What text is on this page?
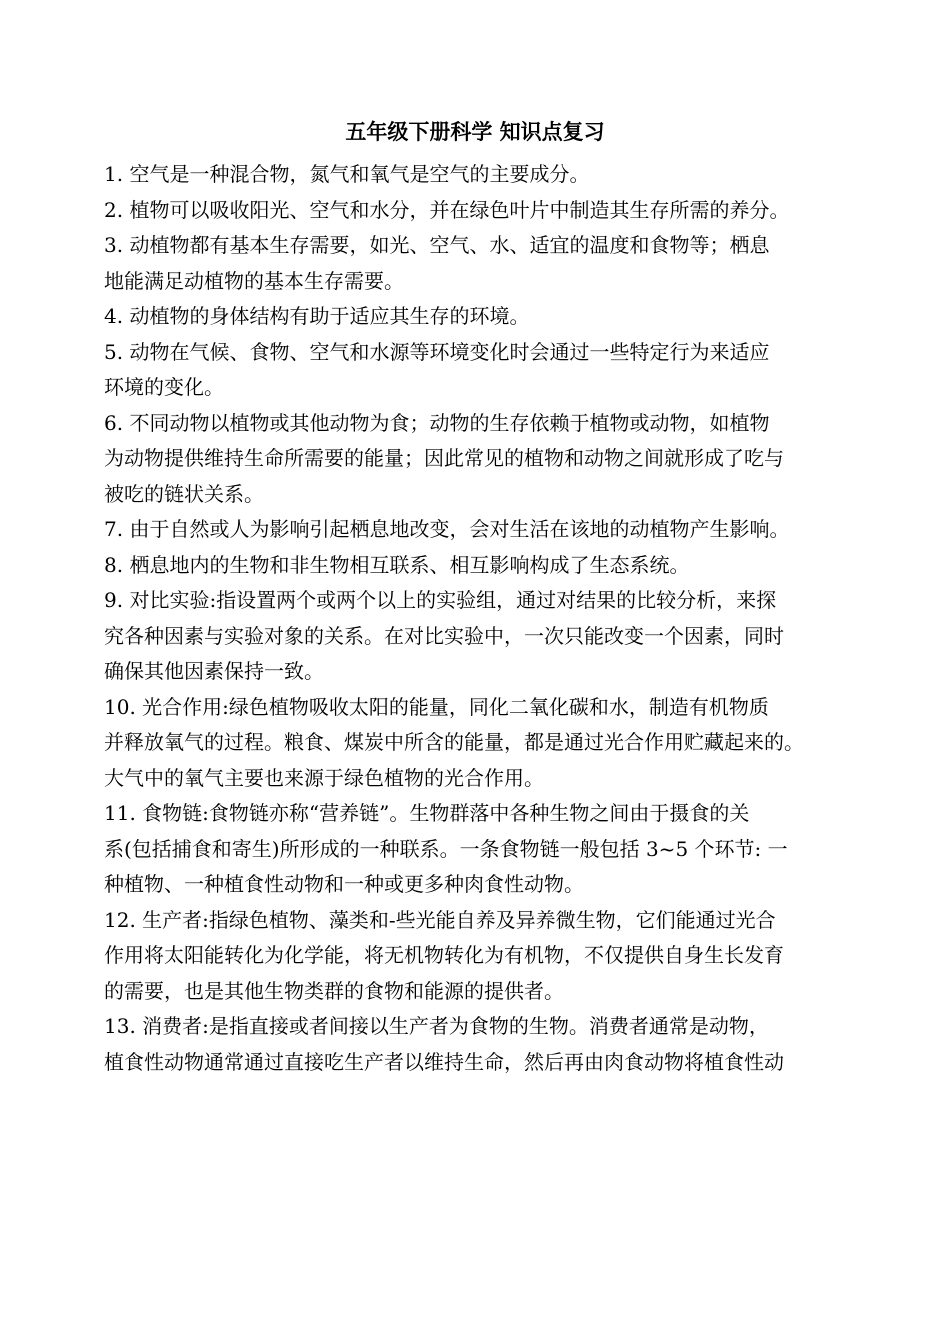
五年级下册科学 知识点复习
1. 空气是一种混合物，氮气和氧气是空气的主要成分。
2. 植物可以吸收阳光、空气和水分，并在绿色叶片中制造其生存所需的养分。
3. 动植物都有基本生存需要，如光、空气、水、适宜的温度和食物等；栖息
地能满足动植物的基本生存需要。
4. 动植物的身体结构有助于适应其生存的环境。
5. 动物在气候、食物、空气和水源等环境变化时会通过一些特定行为来适应
环境的变化。
6. 不同动物以植物或其他动物为食；动物的生存依赖于植物或动物，如植物
为动物提供维持生命所需要的能量；因此常见的植物和动物之间就形成了吃与
被吃的链状关系。
7. 由于自然或人为影响引起栖息地改变，会对生活在该地的动植物产生影响。
8. 栖息地内的生物和非生物相互联系、相互影响构成了生态系统。
9. 对比实验:指设置两个或两个以上的实验组，通过对结果的比较分析，来探
究各种因素与实验对象的关系。在对比实验中，一次只能改变一个因素，同时
确保其他因素保持一致。
10. 光合作用:绿色植物吸收太阳的能量，同化二氧化碳和水，制造有机物质
并释放氧气的过程。粮食、煤炭中所含的能量，都是通过光合作用贮藏起来的。
大气中的氧气主要也来源于绿色植物的光合作用。
11. 食物链:食物链亦称“营养链”。生物群落中各种生物之间由于摄食的关
系(包括捕食和寄生)所形成的一种联系。一条食物链一般包括 3~5 个环节: 一
种植物、一种植食性动物和一种或更多种肉食性动物。
12. 生产者:指绿色植物、藻类和-些光能自养及异养微生物，它们能通过光合
作用将太阳能转化为化学能，将无机物转化为有机物，不仅提供自身生长发育
的需要，也是其他生物类群的食物和能源的提供者。
13. 消费者:是指直接或者间接以生产者为食物的生物。消费者通常是动物，
植食性动物通常通过直接吃生产者以维持生命，然后再由肉食动物将植食性动
